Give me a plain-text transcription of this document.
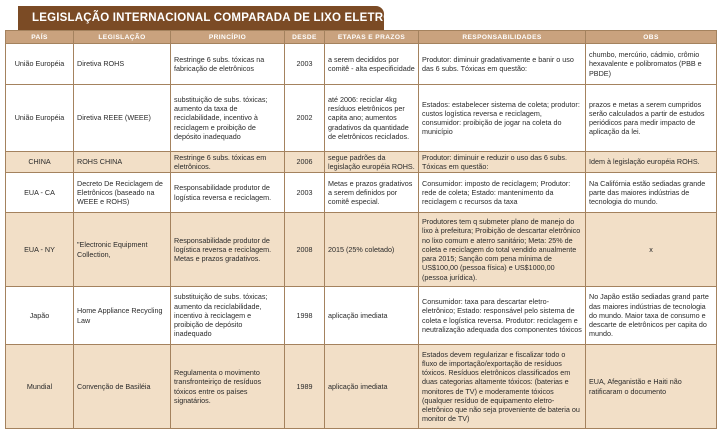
LEGISLAÇÃO INTERNACIONAL COMPARADA DE LIXO ELETRÔNICO
PAÍS	LEGISLAÇÃO	PRINCÍPIO	DESDE	ETAPAS E PRAZOS	RESPONSABILIDADES	OBS
União Européia	Diretiva ROHS	Restringe 6 subs. tóxicas na fabricação de eletrônicos	2003	a serem decididos por comitê - alta especificidade	Produtor: diminuir gradativamente e banir o uso das 6 subs. Tóxicas em questão:	chumbo, mercúrio, cádmio, crômio hexavalente e polibromatos (PBB e PBDE)
União Européia	Diretiva REEE (WEEE)	substituição de subs. tóxicas; aumento da taxa de reciclabilidade, incentivo à reciclagem e proibição de depósito inadequado	2002	até 2006: reciclar 4kg resíduos eletrônicos per capita ano; aumentos gradativos da quantidade de eletrônicos reciclados.	Estados: estabelecer sistema de coleta; produtor: custos logística reversa e reciclagem, consumidor: proibição de jogar na coleta do município	prazos e metas a serem cumpridos serão calculados a partir de estudos periódicos para medir impacto de aplicação da lei.
CHINA	ROHS CHINA	Restringe 6 subs. tóxicas em eletrônicos.	2006	segue padrões da legislação européia ROHS.	Produtor: diminuir e reduzir o uso das 6 subs. Tóxicas em questão:	Idem à legislação européia ROHS.
EUA - CA	Decreto De Reciclagem de Eletrônicos (baseado na WEEE e ROHS)	Responsabilidade produtor de logística reversa e reciclagem.	2003	Metas e prazos gradativos a serem definidos por comitê especial.	Consumidor: imposto de reciclagem; Produtor: rede de coleta; Estado: mantenimento da reciclagem c recursos da taxa	Na Califórnia estão sediadas grande parte das maiores indústrias de tecnologia do mundo.
EUA - NY	"Electronic Equipment Collection,	Responsabilidade produtor de logística reversa e reciclagem. Metas e prazos gradativos.	2008	2015 (25% coletado)	Produtores tem q submeter plano de manejo do lixo à prefeitura; Proibição de descartar eletrônico no lixo comum e aterro sanitário; Meta: 25% de coleta e reciclagem do total vendido anualmente para 2015; Sanção com pena mínima de US$100,00 (pessoa física) e US$1000,00 (pessoa jurídica).	x
Japão	Home Appliance Recycling Law	substituição de subs. tóxicas; aumento da reciclabilidade, incentivo à reciclagem e proibição de depósito inadequado	1998	aplicação imediata	Consumidor: taxa para descartar eletro-eletrônico; Estado: responsável pelo sistema de coleta e logística reversa. Produtor: reciclagem e neutralização adequada dos componentes tóxicos	No Japão estão sediadas grand parte das maiores indústrias de tecnologia do mundo. Maior taxa de consumo e descarte de eletrônicos per capita do mundo.
Mundial	Convenção de Basiléia	Regulamenta o movimento transfronteiriço de resíduos tóxicos entre os países signatários.	1989	aplicação imediata	Estados devem regularizar e fiscalizar todo o fluxo de importação/exportação de resíduos tóxicos. Resíduos eletrônicos classificados em duas categorias altamente tóxicos: (baterias e monitores de TV) e moderamente tóxicos (qualquer resíduo de equipamento eletro-eletrônico que não seja proveniente de bateria ou monitor de TV)	EUA, Afeganistão e Haiti não ratificaram o documento
